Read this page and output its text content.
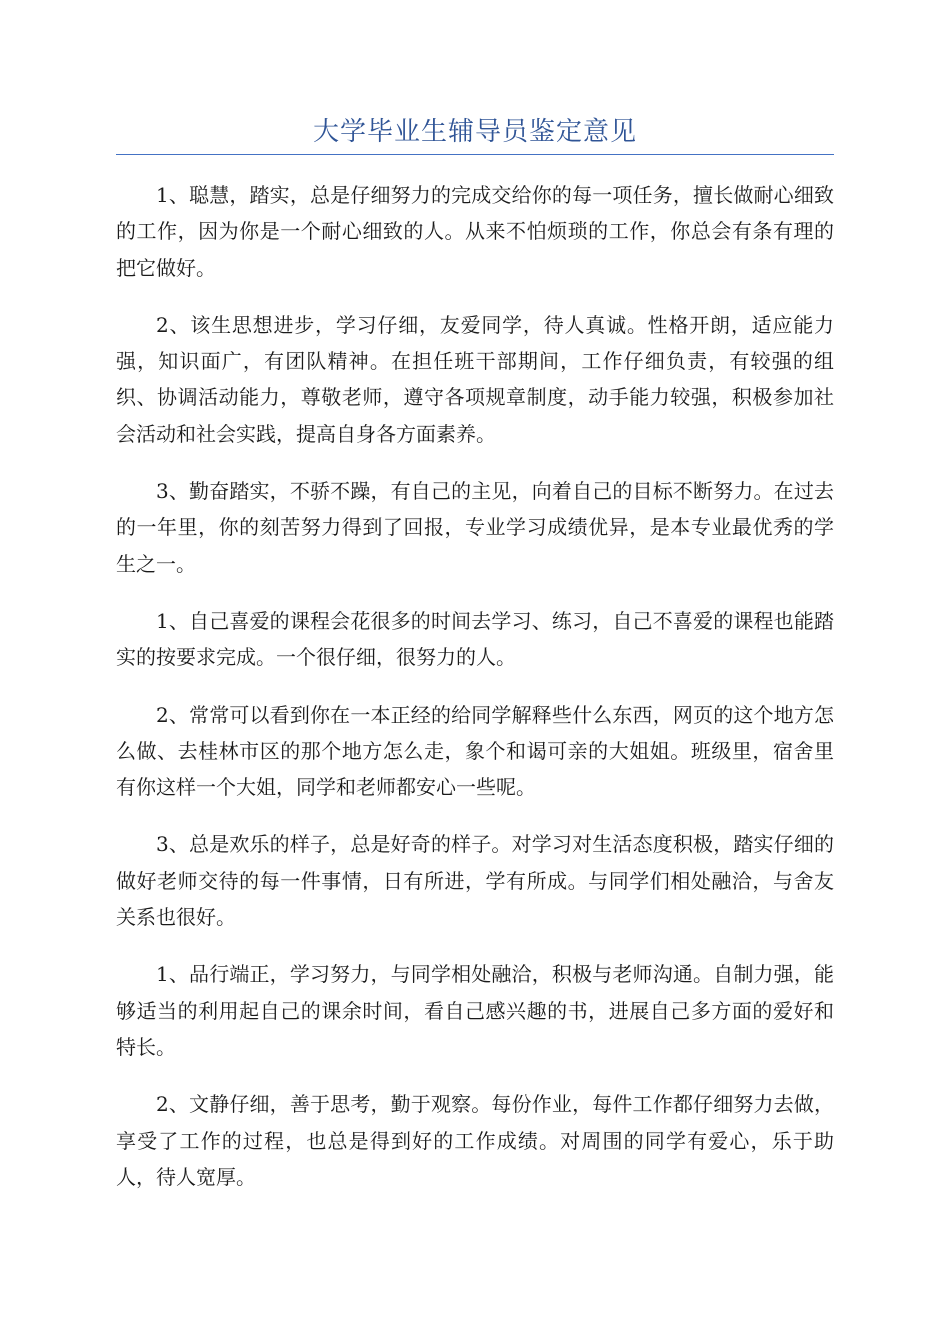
大学毕业生辅导员鉴定意见

1、聪慧，踏实，总是仔细努力的完成交给你的每一项任务，擅长做耐心细致的工作，因为你是一个耐心细致的人。从来不怕烦琐的工作，你总会有条有理的把它做好。

2、该生思想进步，学习仔细，友爱同学，待人真诚。性格开朗，适应能力强，知识面广，有团队精神。在担任班干部期间，工作仔细负责，有较强的组织、协调活动能力，尊敬老师，遵守各项规章制度，动手能力较强，积极参加社会活动和社会实践，提高自身各方面素养。

3、勤奋踏实，不骄不躁，有自己的主见，向着自己的目标不断努力。在过去的一年里，你的刻苦努力得到了回报，专业学习成绩优异，是本专业最优秀的学生之一。

1、自己喜爱的课程会花很多的时间去学习、练习，自己不喜爱的课程也能踏实的按要求完成。一个很仔细，很努力的人。

2、常常可以看到你在一本正经的给同学解释些什么东西，网页的这个地方怎么做、去桂林市区的那个地方怎么走，象个和谒可亲的大姐姐。班级里，宿舍里有你这样一个大姐，同学和老师都安心一些呢。

3、总是欢乐的样子，总是好奇的样子。对学习对生活态度积极，踏实仔细的做好老师交待的每一件事情，日有所进，学有所成。与同学们相处融洽，与舍友关系也很好。

1、品行端正，学习努力，与同学相处融洽，积极与老师沟通。自制力强，能够适当的利用起自己的课余时间，看自己感兴趣的书，进展自己多方面的爱好和特长。

2、文静仔细，善于思考，勤于观察。每份作业，每件工作都仔细努力去做，享受了工作的过程，也总是得到好的工作成绩。对周围的同学有爱心，乐于助人，待人宽厚。
